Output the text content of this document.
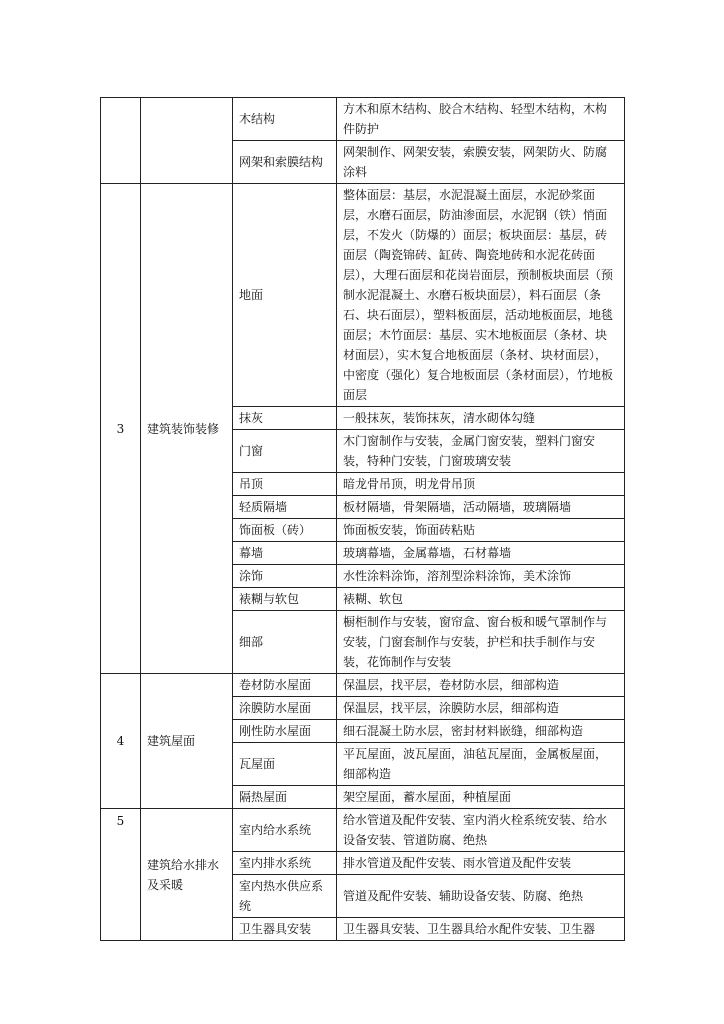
		木结构	方木和原木结构、胶合木结构、轻型木结构，木构件防护
		网架和索膜结构	网架制作、网架安装，索膜安装，网架防火、防腐涂料
3	建筑装饰装修	地面	整体面层：基层，水泥混凝土面层，水泥砂浆面层，水磨石面层，防油渗面层，水泥钢（铁）悄面层，不发火（防爆的）面层；板块面层：基层，砖面层（陶瓷锦砖、缸砖、陶瓷地砖和水泥花砖面层），大理石面层和花岗岩面层，预制板块面层（预制水泥混凝土、水磨石板块面层），料石面层（条石、块石面层），塑料板面层，活动地板面层，地毯面层；木竹面层：基层、实木地板面层（条材、块材面层），实木复合地板面层（条材、块材面层），中密度（强化）复合地板面层（条材面层），竹地板面层
		抹灰	一般抹灰，装饰抹灰，清水砌体勾缝
		门窗	木门窗制作与安装，金属门窗安装，塑料门窗安装，特种门安装，门窗玻璃安装
		吊顶	暗龙骨吊顶，明龙骨吊顶
		轻质隔墙	板材隔墙，骨架隔墙，活动隔墙，玻璃隔墙
		饰面板（砖）	饰面板安装，饰面砖粘贴
		幕墙	玻璃幕墙，金属幕墙，石材幕墙
		涂饰	水性涂料涂饰，溶剂型涂料涂饰，美术涂饰
		裱糊与软包	裱糊、软包
		细部	橱柜制作与安装，窗帘盒、窗台板和暖气罩制作与安装，门窗套制作与安装，护栏和扶手制作与安装，花饰制作与安装
4	建筑屋面	卷材防水屋面	保温层，找平层，卷材防水层，细部构造
		涂膜防水屋面	保温层，找平层，涂膜防水层，细部构造
		刚性防水屋面	细石混凝土防水层，密封材料嵌缝，细部构造
		瓦屋面	平瓦屋面，波瓦屋面，油毡瓦屋面，金属板屋面，细部构造
		隔热屋面	架空屋面，蓄水屋面，种植屋面
5	建筑给水排水及采暖	室内给水系统	给水管道及配件安装、室内消火栓系统安装、给水设备安装、管道防腐、绝热
		室内排水系统	排水管道及配件安装、雨水管道及配件安装
		室内热水供应系统	管道及配件安装、辅助设备安装、防腐、绝热
		卫生器具安装	卫生器具安装、卫生器具给水配件安装、卫生器
